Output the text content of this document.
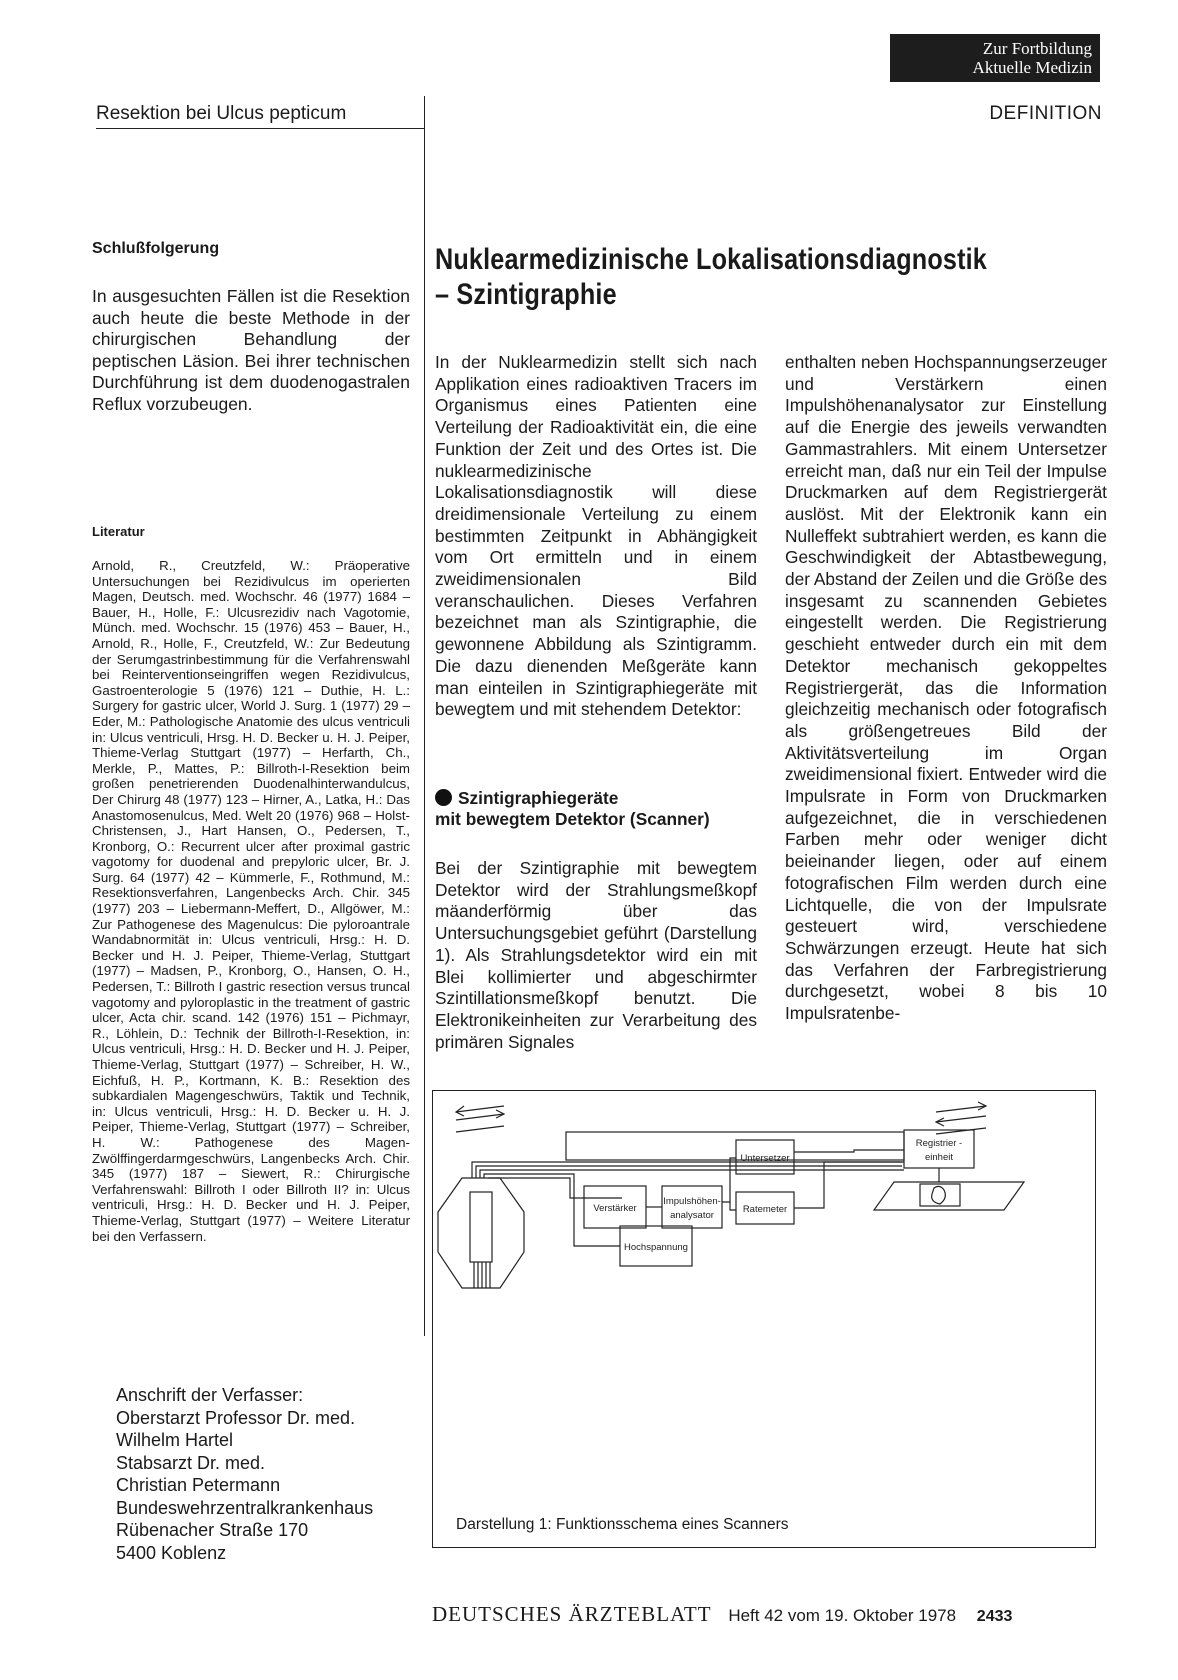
Zur Fortbildung
Aktuelle Medizin
Resektion bei Ulcus pepticum	DEFINITION
Schlußfolgerung
In ausgesuchten Fällen ist die Resektion auch heute die beste Methode in der chirurgischen Behandlung der peptischen Läsion. Bei ihrer technischen Durchführung ist dem duodenogastralen Reflux vorzubeugen.
Literatur
Arnold, R., Creutzfeld, W.: Präoperative Untersuchungen bei Rezidivulcus im operierten Magen, Deutsch. med. Wochschr. 46 (1977) 1684 – Bauer, H., Holle, F.: Ulcusrezidiv nach Vagotomie, Münch. med. Wochschr. 15 (1976) 453 – Bauer, H., Arnold, R., Holle, F., Creutzfeld, W.: Zur Bedeutung der Serumgastrinbestimmung für die Verfahrenswahl bei Reinterventionseingriffen wegen Rezidivulcus, Gastroenterologie 5 (1976) 121 – Duthie, H. L.: Surgery for gastric ulcer, World J. Surg. 1 (1977) 29 – Eder, M.: Pathologische Anatomie des ulcus ventriculi in: Ulcus ventriculi, Hrsg. H. D. Becker u. H. J. Peiper, Thieme-Verlag Stuttgart (1977) – Herfarth, Ch., Merkle, P., Mattes, P.: Billroth-I-Resektion beim großen penetrierenden Duodenalhinterwandulcus, Der Chirurg 48 (1977) 123 – Hirner, A., Latka, H.: Das Anastomosenulcus, Med. Welt 20 (1976) 968 – Holst-Christensen, J., Hart Hansen, O., Pedersen, T., Kronborg, O.: Recurrent ulcer after proximal gastric vagotomy for duodenal and prepyloric ulcer, Br. J. Surg. 64 (1977) 42 – Kümmerle, F., Rothmund, M.: Resektionsverfahren, Langenbecks Arch. Chir. 345 (1977) 203 – Liebermann-Meffert, D., Allgöwer, M.: Zur Pathogenese des Magenulcus: Die pyloroantrale Wandabnormität in: Ulcus ventriculi, Hrsg.: H. D. Becker und H. J. Peiper, Thieme-Verlag, Stuttgart (1977) – Madsen, P., Kronborg, O., Hansen, O. H., Pedersen, T.: Billroth I gastric resection versus truncal vagotomy and pyloroplastic in the treatment of gastric ulcer, Acta chir. scand. 142 (1976) 151 – Pichmayr, R., Löhlein, D.: Technik der Billroth-I-Resektion, in: Ulcus ventriculi, Hrsg.: H. D. Becker und H. J. Peiper, Thieme-Verlag, Stuttgart (1977) – Schreiber, H. W., Eichfuß, H. P., Kortmann, K. B.: Resektion des subkardialen Magengeschwürs, Taktik und Technik, in: Ulcus ventriculi, Hrsg.: H. D. Becker u. H. J. Peiper, Thieme-Verlag, Stuttgart (1977) – Schreiber, H. W.: Pathogenese des Magen-Zwölffingerdarmgeschwürs, Langenbecks Arch. Chir. 345 (1977) 187 – Siewert, R.: Chirurgische Verfahrenswahl: Billroth I oder Billroth II? in: Ulcus ventriculi, Hrsg.: H. D. Becker und H. J. Peiper, Thieme-Verlag, Stuttgart (1977) – Weitere Literatur bei den Verfassern.
Anschrift der Verfasser:
Oberstarzt Professor Dr. med.
Wilhelm Hartel
Stabsarzt Dr. med.
Christian Petermann
Bundeswehrzentralkrankenhaus
Rübenacher Straße 170
5400 Koblenz
Nuklearmedizinische Lokalisationsdiagnostik – Szintigraphie
In der Nuklearmedizin stellt sich nach Applikation eines radioaktiven Tracers im Organismus eines Patienten eine Verteilung der Radioaktivität ein, die eine Funktion der Zeit und des Ortes ist. Die nuklearmedizinische Lokalisationsdiagnostik will diese dreidimensionale Verteilung zu einem bestimmten Zeitpunkt in Abhängigkeit vom Ort ermitteln und in einem zweidimensionalen Bild veranschaulichen. Dieses Verfahren bezeichnet man als Szintigraphie, die gewonnene Abbildung als Szintigramm. Die dazu dienenden Meßgeräte kann man einteilen in Szintigraphiegeräte mit bewegtem und mit stehendem Detektor:
Szintigraphiegeräte
mit bewegtem Detektor (Scanner)
Bei der Szintigraphie mit bewegtem Detektor wird der Strahlungsmeßkopf mäanderförmig über das Untersuchungsgebiet geführt (Darstellung 1). Als Strahlungsdetektor wird ein mit Blei kollimierter und abgeschirmter Szintillationsmeßkopf benutzt. Die Elektronikeinheiten zur Verarbeitung des primären Signales
enthalten neben Hochspannungserzeuger und Verstärkern einen Impulshöhenanalysator zur Einstellung auf die Energie des jeweils verwandten Gammastrahlers. Mit einem Untersetzer erreicht man, daß nur ein Teil der Impulse Druckmarken auf dem Registriergerät auslöst. Mit der Elektronik kann ein Nulleffekt subtrahiert werden, es kann die Geschwindigkeit der Abtastbewegung, der Abstand der Zeilen und die Größe des insgesamt zu scannenden Gebietes eingestellt werden. Die Registrierung geschieht entweder durch ein mit dem Detektor mechanisch gekoppeltes Registriergerät, das die Information gleichzeitig mechanisch oder fotografisch als größengetreues Bild der Aktivitätsverteilung im Organ zweidimensional fixiert. Entweder wird die Impulsrate in Form von Druckmarken aufgezeichnet, die in verschiedenen Farben mehr oder weniger dicht beieinander liegen, oder auf einem fotografischen Film werden durch eine Lichtquelle, die von der Impulsrate gesteuert wird, verschiedene Schwärzungen erzeugt. Heute hat sich das Verfahren der Farbregistrierung durchgesetzt, wobei 8 bis 10 Impulsratenbe-
Verstärker
Impulshöhen-
analysator
Untersetzer
Ratemeter
Hochspannung
Registrier -
einheit
Darstellung 1: Funktionsschema eines Scanners
DEUTSCHES ÄRZTEBLATT Heft 42 vom 19. Oktober 1978 2433
